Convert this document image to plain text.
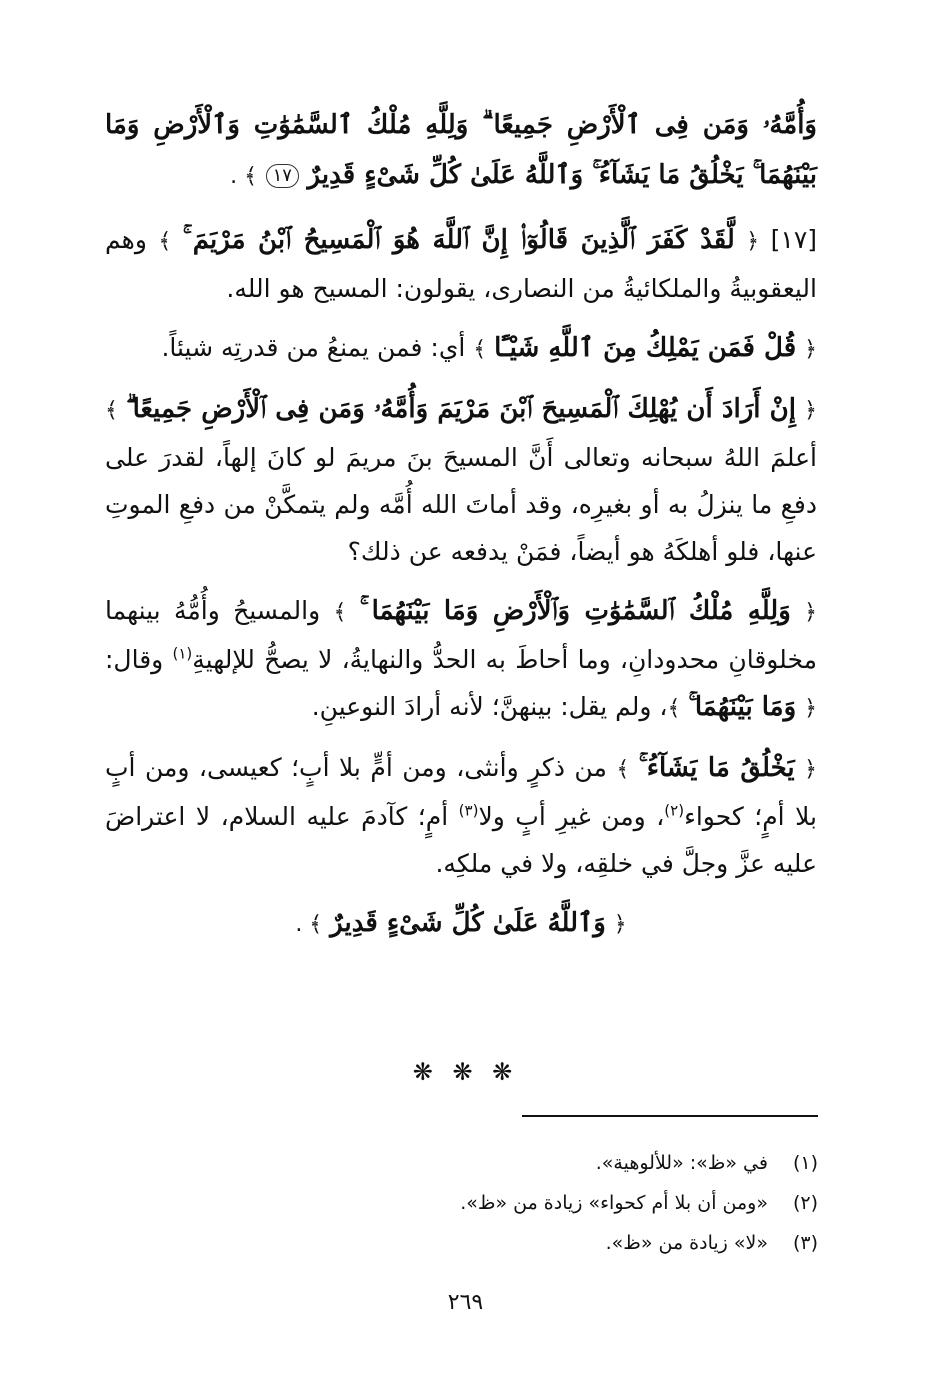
وَأُمَّهُۥ وَمَن فِى ٱلْأَرْضِ جَمِيعًا ۗ وَلِلَّهِ مُلْكُ ٱلسَّمَٰوَٰتِ وَٱلْأَرْضِ وَمَا بَيْنَهُمَا ۚ يَخْلُقُ مَا يَشَآءُ ۚ وَٱللَّهُ عَلَىٰ كُلِّ شَىْءٍ قَدِيرٌ ١٧ ﴾ .

[١٧] ﴿ لَّقَدْ كَفَرَ ٱلَّذِينَ قَالُوٓا۟ إِنَّ ٱللَّهَ هُوَ ٱلْمَسِيحُ ٱبْنُ مَرْيَمَ ۚ ﴾ وهم اليعقوبيةُ والملكائيةُ من النصارى، يقولون: المسيح هو الله.

﴿ قُلْ فَمَن يَمْلِكُ مِنَ ٱللَّهِ شَيْـًٔا ﴾ أي: فمن يمنعُ من قدرتِه شيئاً.

﴿ إِنْ أَرَادَ أَن يُهْلِكَ ٱلْمَسِيحَ ٱبْنَ مَرْيَمَ وَأُمَّهُۥ وَمَن فِى ٱلْأَرْضِ جَمِيعًا ۗ ﴾ أعلمَ اللهُ سبحانه وتعالى أَنَّ المسيحَ بنَ مريمَ لو كانَ إلهاً، لقدرَ على دفعِ ما ينزلُ به أو بغيرِه، وقد أماتَ الله أُمَّه ولم يتمكَّنْ من دفعِ الموتِ عنها، فلو أهلكَهُ هو أيضاً، فمَنْ يدفعه عن ذلك؟

﴿ وَلِلَّهِ مُلْكُ ٱلسَّمَٰوَٰتِ وَٱلْأَرْضِ وَمَا بَيْنَهُمَا ۚ ﴾ والمسيحُ وأُمُّهُ بينهما مخلوقانِ محدودانِ، وما أحاطَ به الحدُّ والنهايةُ، لا يصحُّ للإلهيةِ$^{(١)}$ وقال: ﴿ وَمَا بَيْنَهُمَا ۚ ﴾، ولم يقل: بينهنَّ؛ لأنه أرادَ النوعينِ.

﴿ يَخْلُقُ مَا يَشَآءُ ۚ ﴾ من ذكرٍ وأنثى، ومن أمٍّ بلا أبٍ؛ كعيسى، ومن أبٍ بلا أمٍ؛ كحواء$^{(٢)}$، ومن غيرِ أبٍ ولا$^{(٣)}$ أمٍ؛ كآدمَ عليه السلام، لا اعتراضَ عليه عزَّ وجلَّ في خلقِه، ولا في ملكِه.

﴿ وَٱللَّهُ عَلَىٰ كُلِّ شَىْءٍ قَدِيرٌ ﴾ .

❋ ❋ ❋
(١) في «ظ»: «للألوهية».
(٢) «ومن أن بلا أم كحواء» زيادة من «ظ».
(٣) «لا» زيادة من «ظ».
٢٦٩
